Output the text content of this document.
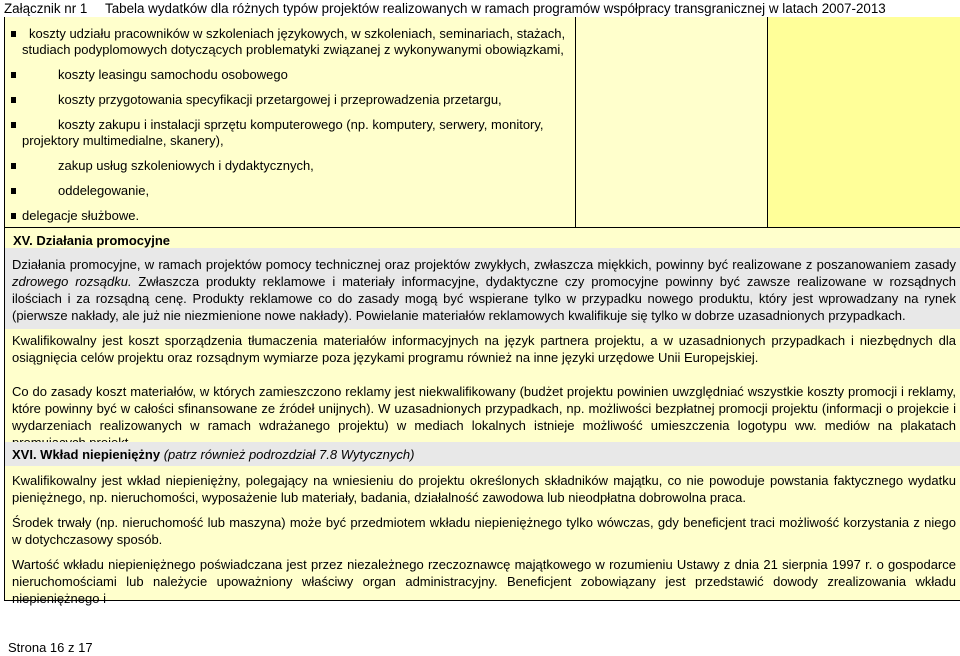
Załącznik nr 1 Tabela wydatków dla różnych typów projektów realizowanych w ramach programów współpracy transgranicznej w latach 2007-2013
koszty udziału pracowników w szkoleniach językowych, w szkoleniach, seminariach, stażach,
studiach podyplomowych dotyczących problematyki związanej z wykonywanymi obowiązkami,
koszty leasingu samochodu osobowego
koszty przygotowania specyfikacji przetargowej i przeprowadzenia przetargu,
koszty zakupu i instalacji sprzętu komputerowego (np. komputery, serwery, monitory,
projektory multimedialne, skanery),
zakup usług szkoleniowych i dydaktycznych,
oddelegowanie,
delegacje służbowe.
XV. Działania promocyjne
Działania promocyjne, w ramach projektów pomocy technicznej oraz projektów zwykłych, zwłaszcza miękkich, powinny być realizowane z poszanowaniem zasady zdrowego rozsądku. Zwłaszcza produkty reklamowe i materiały informacyjne, dydaktyczne czy promocyjne powinny być zawsze realizowane w rozsądnych ilościach i za rozsądną cenę. Produkty reklamowe co do zasady mogą być wspierane tylko w przypadku nowego produktu, który jest wprowadzany na rynek (pierwsze nakłady, ale już nie niezmienione nowe nakłady). Powielanie materiałów reklamowych kwalifikuje się tylko w dobrze uzasadnionych przypadkach.
Kwalifikowalny jest koszt sporządzenia tłumaczenia materiałów informacyjnych na język partnera projektu, a w uzasadnionych przypadkach i niezbędnych dla osiągnięcia celów projektu oraz rozsądnym wymiarze poza językami programu również na inne języki urzędowe Unii Europejskiej.
Co do zasady koszt materiałów, w których zamieszczono reklamy jest niekwalifikowany (budżet projektu powinien uwzględniać wszystkie koszty promocji i reklamy, które powinny być w całości sfinansowane ze źródeł unijnych). W uzasadnionych przypadkach, np. możliwości bezpłatnej promocji projektu (informacji o projekcie i wydarzeniach realizowanych w ramach wdrażanego projektu) w mediach lokalnych istnieje możliwość umieszczenia logotypu ww. mediów na plakatach
XVI. Wkład niepieniężny (patrz również podrozdział 7.8 Wytycznych)
Kwalifikowalny jest wkład niepieniężny, polegający na wniesieniu do projektu określonych składników majątku, co nie powoduje powstania faktycznego wydatku pieniężnego, np. nieruchomości, wyposażenie lub materiały, badania, działalność zawodowa lub nieodpłatna dobrowolna praca.
Środek trwały (np. nieruchomość lub maszyna) może być przedmiotem wkładu niepieniężnego tylko wówczas, gdy beneficjent traci możliwość korzystania z niego w dotychczasowy sposób.
Wartość wkładu niepieniężnego poświadczana jest przez niezależnego rzeczoznawcę majątkowego w rozumieniu Ustawy z dnia 21 sierpnia 1997 r. o gospodarce nieruchomościami lub należycie upoważniony właściwy organ administracyjny. Beneficjent zobowiązany jest przedstawić dowody zrealizowania wkładu niepieniężnego i
Strona 16 z 17
